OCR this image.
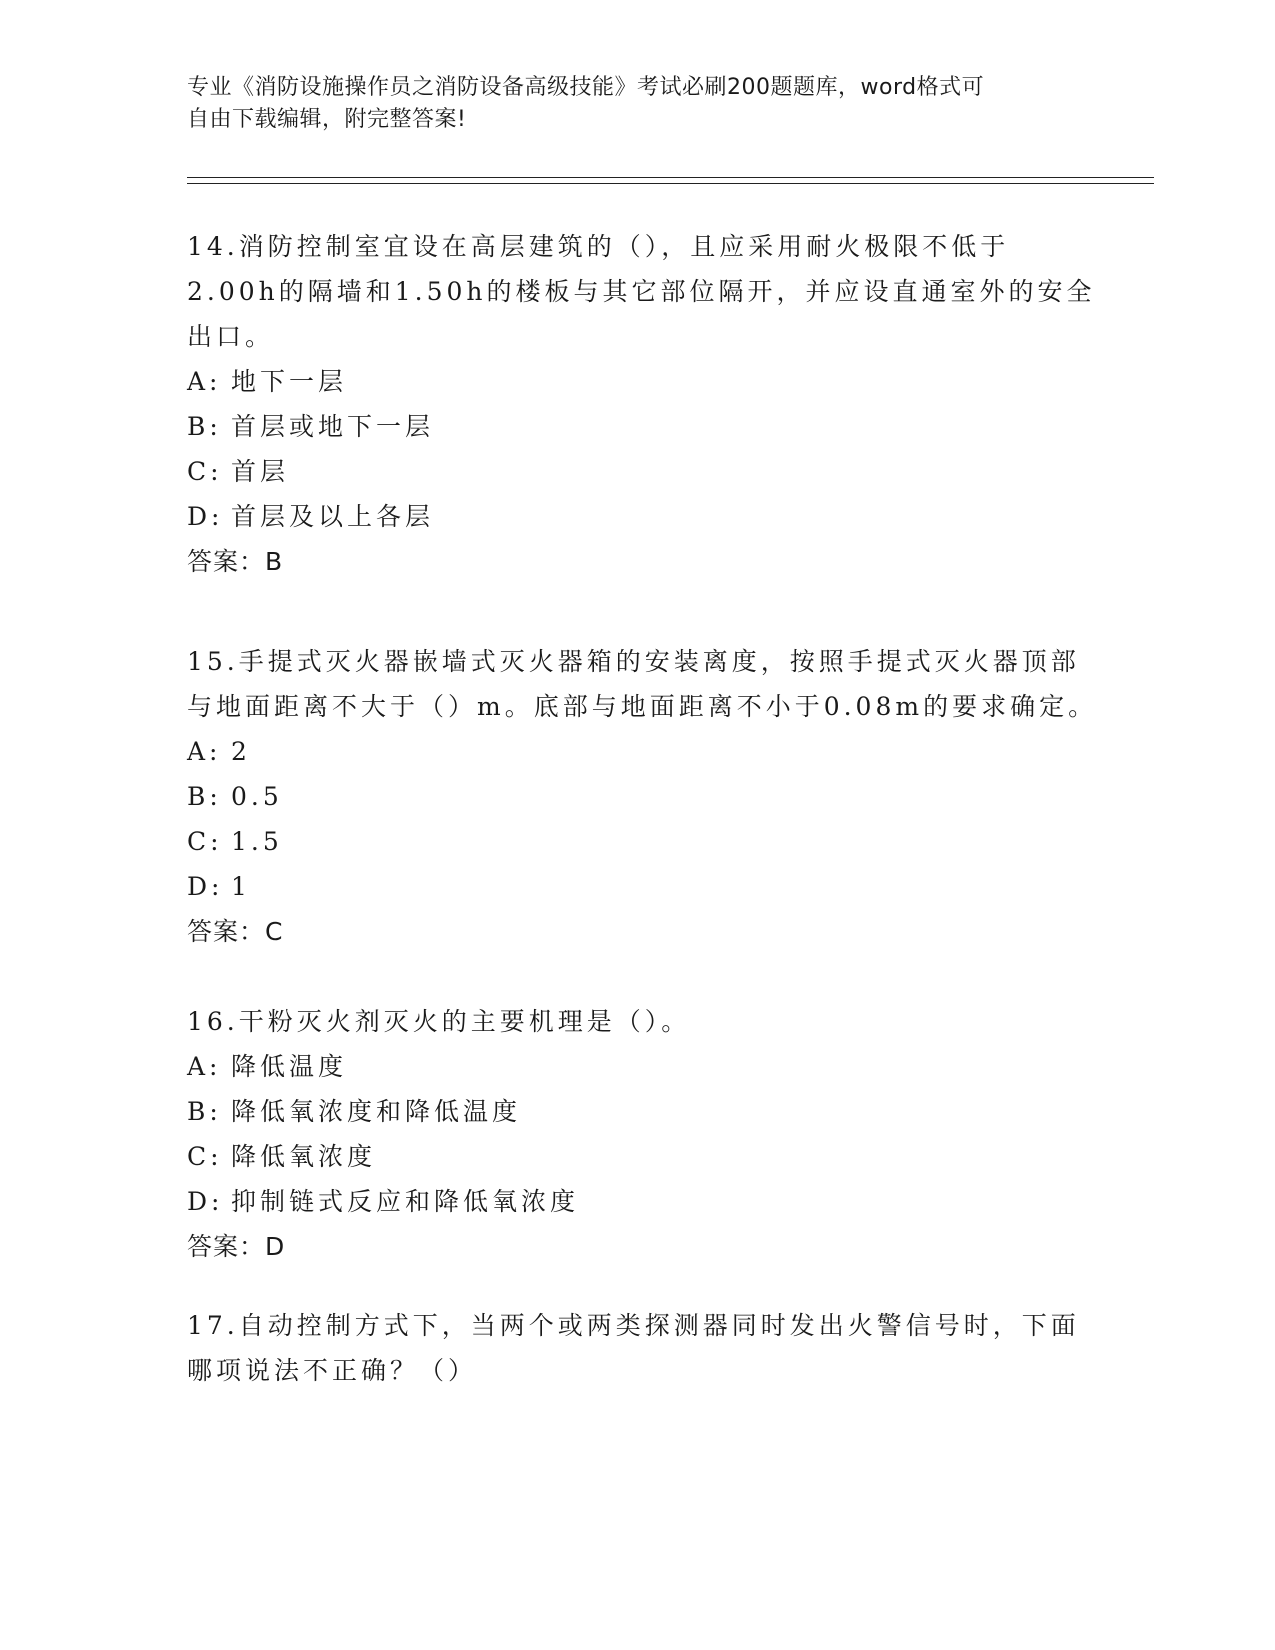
专业《消防设施操作员之消防设备高级技能》考试必刷200题题库，word格式可
自由下载编辑，附完整答案!
14.消防控制室宜设在高层建筑的（），且应采用耐火极限不低于
2.00h的隔墙和1.50h的楼板与其它部位隔开，并应设直通室外的安全
出口。
A: 地下一层
B: 首层或地下一层
C: 首层
D: 首层及以上各层
答案：B
15.手提式灭火器嵌墙式灭火器箱的安装离度，按照手提式灭火器顶部
与地面距离不大于（）m。底部与地面距离不小于0.08m的要求确定。
A: 2
B: 0.5
C: 1.5
D: 1
答案：C
16.干粉灭火剂灭火的主要机理是（）。
A: 降低温度
B: 降低氧浓度和降低温度
C: 降低氧浓度
D: 抑制链式反应和降低氧浓度
答案：D
17.自动控制方式下，当两个或两类探测器同时发出火警信号时，下面
哪项说法不正确？（）
